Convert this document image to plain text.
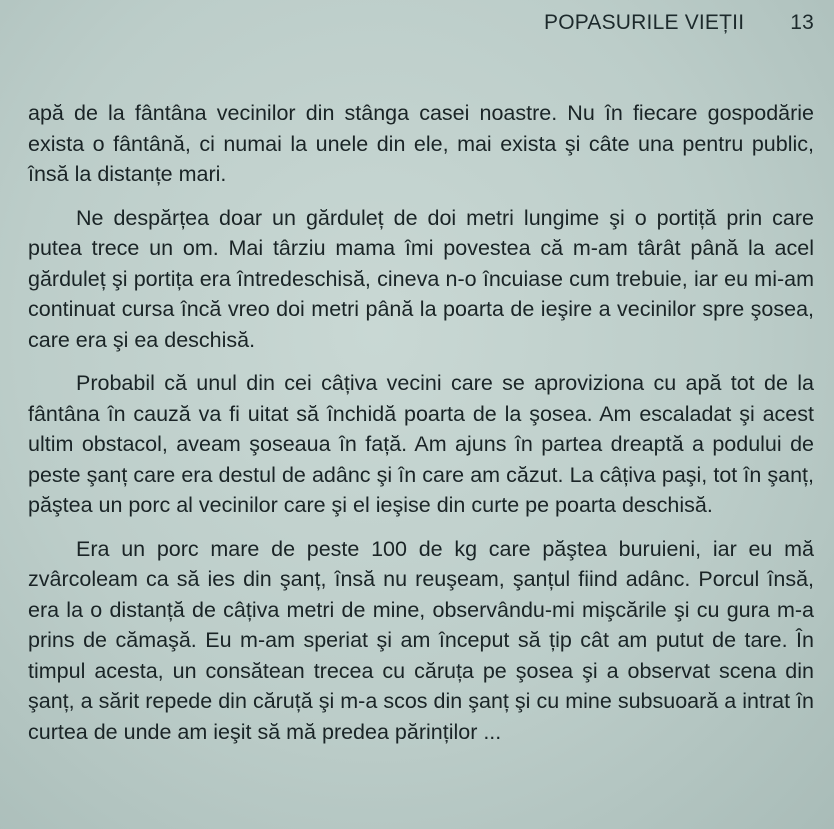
POPASURILE VIEȚII 13

apă de la fântâna vecinilor din stânga casei noastre. Nu în fiecare gospodărie exista o fântână, ci numai la unele din ele, mai exista şi câte una pentru public, însă la distanțe mari.

Ne despărțea doar un gărduleț de doi metri lungime şi o portiță prin care putea trece un om. Mai târziu mama îmi povestea că m-am târât până la acel gărduleț şi portița era întredeschisă, cineva n-o încuiase cum trebuie, iar eu mi-am continuat cursa încă vreo doi metri până la poarta de ieşire a vecinilor spre şosea, care era şi ea deschisă.

Probabil că unul din cei câțiva vecini care se aproviziona cu apă tot de la fântâna în cauză va fi uitat să închidă poarta de la şosea. Am escaladat şi acest ultim obstacol, aveam şoseaua în față. Am ajuns în partea dreaptă a podului de peste şanț care era destul de adânc şi în care am căzut. La câțiva paşi, tot în şanț, păştea un porc al vecinilor care şi el ieşise din curte pe poarta deschisă.

Era un porc mare de peste 100 de kg care păştea buruieni, iar eu mă zvârcoleam ca să ies din şanț, însă nu reuşeam, şanțul fiind adânc. Porcul însă, era la o distanță de câțiva metri de mine, observându-mi mişcările şi cu gura m-a prins de cămaşă. Eu m-am speriat şi am început să țip cât am putut de tare. În timpul acesta, un consătean trecea cu căruța pe şosea şi a observat scena din şanț, a sărit repede din căruță şi m-a scos din şanț şi cu mine subsuoară a intrat în curtea de unde am ieşit să mă predea părinților ...
